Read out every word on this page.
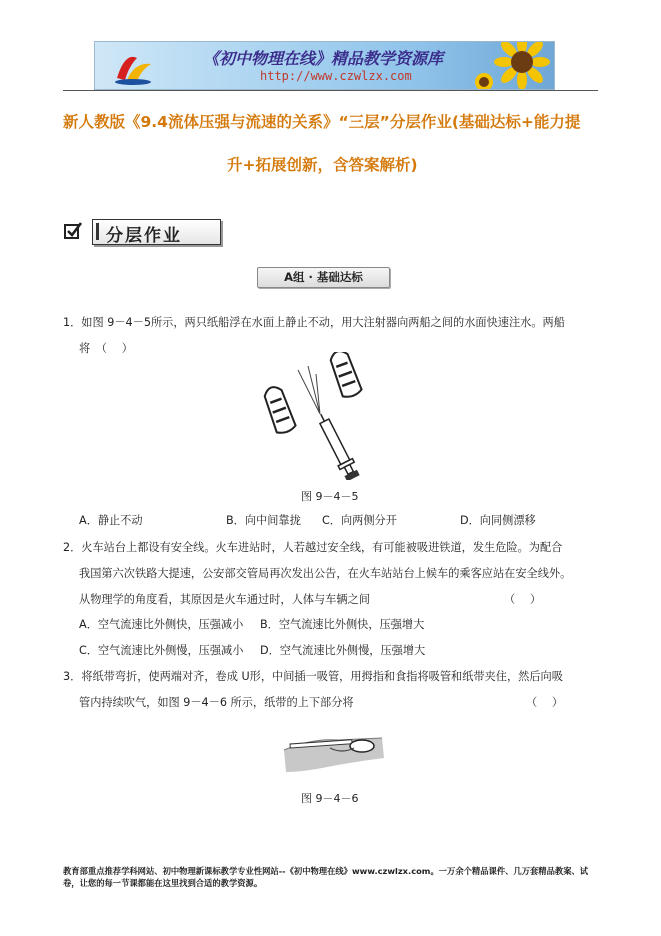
《初中物理在线》精品教学资源库
http://www.czwlzx.com
新人教版《9.4流体压强与流速的关系》“三层”分层作业(基础达标+能力提
升+拓展创新，含答案解析)
分层作业
A组 · 基础达标
1．如图 9－4－5所示，两只纸船浮在水面上静止不动，用大注射器向两船之间的水面快速注水。两船
将　（　 ）
图 9－4－5
A．静止不动	B．向中间靠拢 C．向两侧分开	D．向同侧漂移
2．火车站台上都设有安全线。火车进站时，人若越过安全线，有可能被吸进铁道，发生危险。为配合
我国第六次铁路大提速，公安部交管局再次发出公告，在火车站站台上候车的乘客应站在安全线外。
从物理学的角度看，其原因是火车通过时，人体与车辆之间	（　 ）
A．空气流速比外侧快，压强减小 B．空气流速比外侧快，压强增大
C．空气流速比外侧慢，压强减小 D．空气流速比外侧慢，压强增大
3．将纸带弯折，使两端对齐，卷成 U形，中间插一吸管，用拇指和食指将吸管和纸带夹住，然后向吸
管内持续吹气，如图 9－4－6 所示，纸带的上下部分将	（　 ）
图 9－4－6
教育部重点推荐学科网站、初中物理新课标教学专业性网站--《初中物理在线》www.czwlzx.com。一万余个精品课件、几万套精品教案、试卷，让您的每一节课都能在这里找到合适的教学资源。
